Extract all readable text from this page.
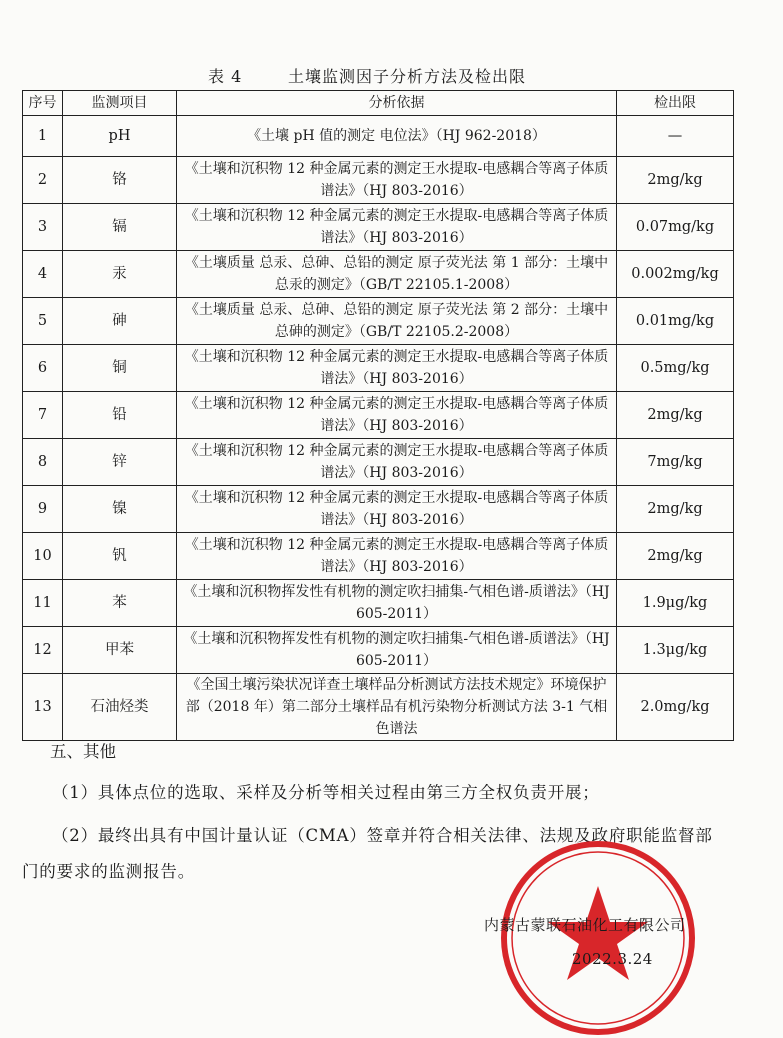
表 4	土壤监测因子分析方法及检出限
序号	监测项目	分析依据	检出限
1	pH	《土壤 pH 值的测定 电位法》（HJ 962-2018）	—
2	铬	《土壤和沉积物 12 种金属元素的测定王水提取-电感耦合等离子体质谱法》（HJ 803-2016）	2mg/kg
3	镉	《土壤和沉积物 12 种金属元素的测定王水提取-电感耦合等离子体质谱法》（HJ 803-2016）	0.07mg/kg
4	汞	《土壤质量 总汞、总砷、总铅的测定 原子荧光法 第 1 部分：土壤中总汞的测定》（GB/T 22105.1-2008）	0.002mg/kg
5	砷	《土壤质量 总汞、总砷、总铅的测定 原子荧光法 第 2 部分：土壤中总砷的测定》（GB/T 22105.2-2008）	0.01mg/kg
6	铜	《土壤和沉积物 12 种金属元素的测定王水提取-电感耦合等离子体质谱法》（HJ 803-2016）	0.5mg/kg
7	铅	《土壤和沉积物 12 种金属元素的测定王水提取-电感耦合等离子体质谱法》（HJ 803-2016）	2mg/kg
8	锌	《土壤和沉积物 12 种金属元素的测定王水提取-电感耦合等离子体质谱法》（HJ 803-2016）	7mg/kg
9	镍	《土壤和沉积物 12 种金属元素的测定王水提取-电感耦合等离子体质谱法》（HJ 803-2016）	2mg/kg
10	钒	《土壤和沉积物 12 种金属元素的测定王水提取-电感耦合等离子体质谱法》（HJ 803-2016）	2mg/kg
11	苯	《土壤和沉积物挥发性有机物的测定吹扫捕集-气相色谱-质谱法》（HJ 605-2011）	1.9μg/kg
12	甲苯	《土壤和沉积物挥发性有机物的测定吹扫捕集-气相色谱-质谱法》（HJ 605-2011）	1.3μg/kg
13	石油烃类	《全国土壤污染状况详查土壤样品分析测试方法技术规定》环境保护部（2018 年）第二部分土壤样品有机污染物分析测试方法 3-1 气相色谱法	2.0mg/kg
五、其他
（1）具体点位的选取、采样及分析等相关过程由第三方全权负责开展；
（2）最终出具有中国计量认证（CMA）签章并符合相关法律、法规及政府职能监督部
门的要求的监测报告。
内蒙古蒙联石油化工有限公司
2022.3.24
